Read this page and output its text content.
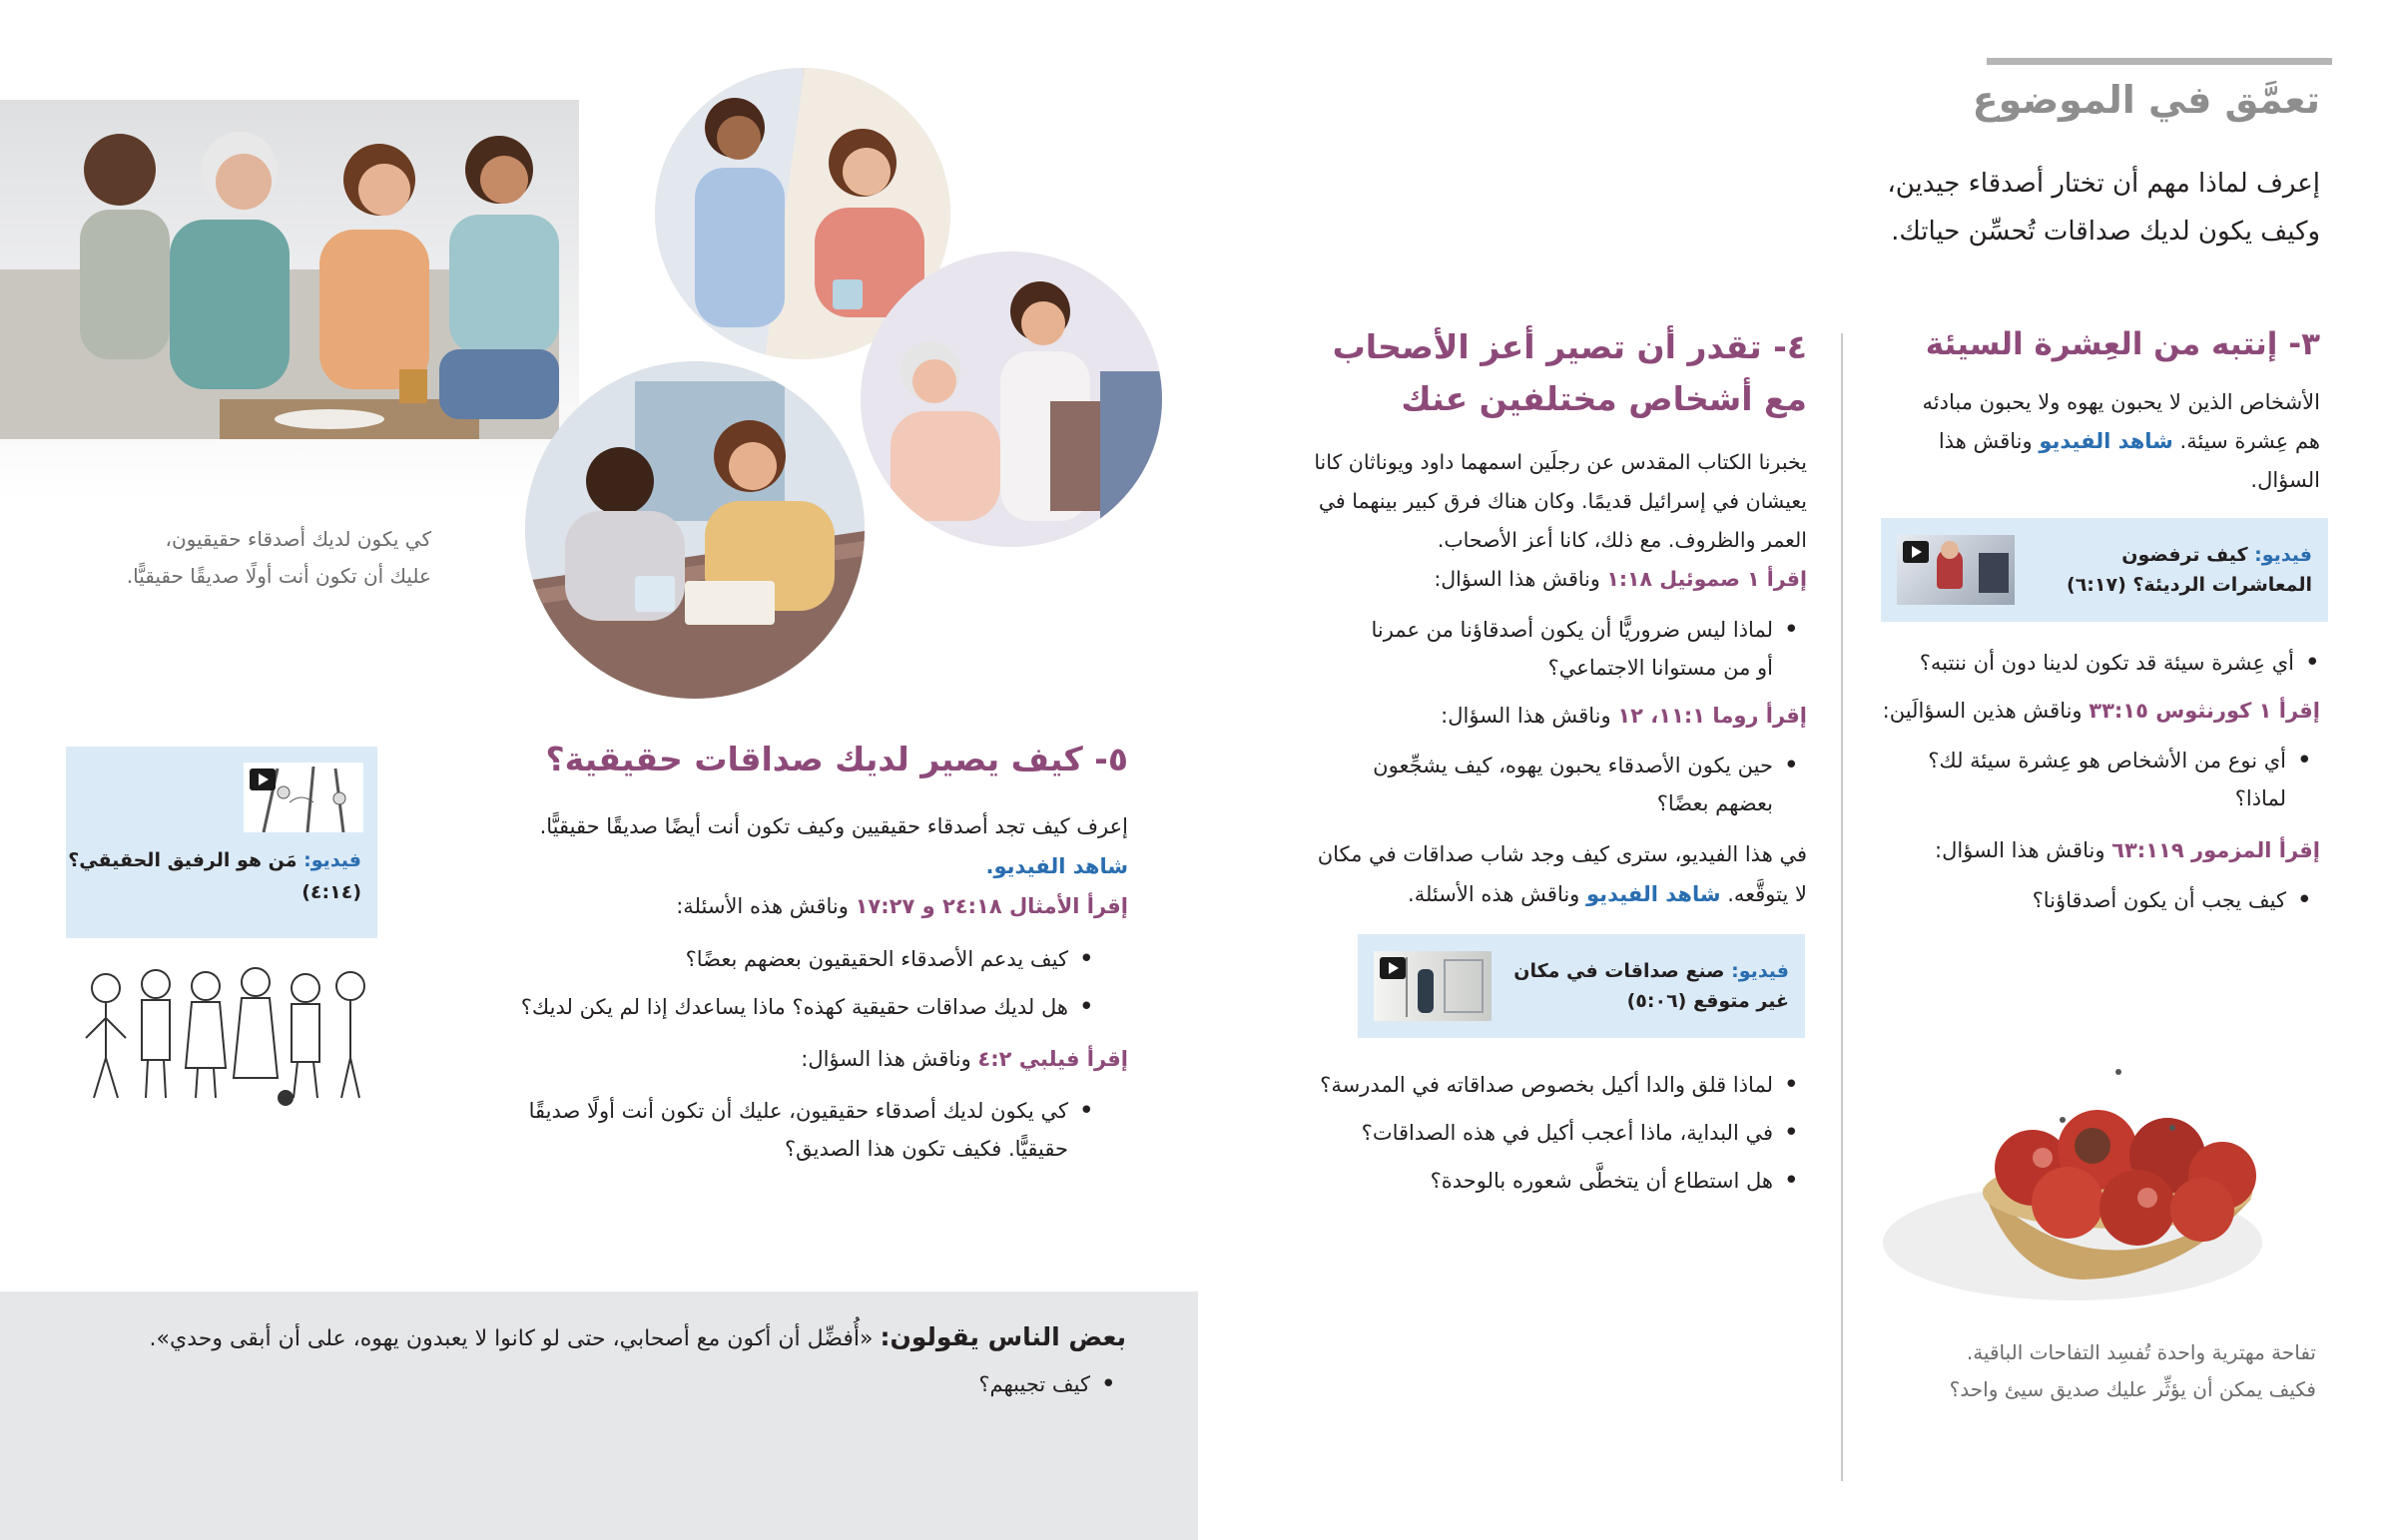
تعمَّق في الموضوع
إعرف لماذا مهم أن تختار أصدقاء جيدين،
وكيف يكون لديك صداقات تُحسِّن حياتك.
٣- إنتبه من العِشرة السيئة
الأشخاص الذين لا يحبون يهوه ولا يحبون مبادئه
هم عِشرة سيئة. شاهد الفيديو وناقش هذا
السؤال.
فيديو: كيف ترفضون
المعاشرات الرديئة؟ (٦:١٧)
• أي عِشرة سيئة قد تكون لدينا دون أن ننتبه؟
إقرأ ١ كورنثوس ٣٣:١٥ وناقش هذين السؤالَين:
• أي نوع من الأشخاص هو عِشرة سيئة لك؟
لماذا؟
إقرأ المزمور ٦٣:١١٩ وناقش هذا السؤال:
• كيف يجب أن يكون أصدقاؤنا؟
تفاحة مهترية واحدة تُفسِد التفاحات الباقية.
فكيف يمكن أن يؤثِّر عليك صديق سيئ واحد؟
٤- تقدر أن تصير أعز الأصحاب
مع أشخاص مختلفين عنك
يخبرنا الكتاب المقدس عن رجلَين اسمهما داود ويوناثان كانا
يعيشان في إسرائيل قديمًا. وكان هناك فرق كبير بينهما في
العمر والظروف. مع ذلك، كانا أعز الأصحاب.
إقرأ ١ صموئيل ١:١٨ وناقش هذا السؤال:
• لماذا ليس ضروريًّا أن يكون أصدقاؤنا من عمرنا
أو من مستوانا الاجتماعي؟
إقرأ روما ١١:١، ١٢ وناقش هذا السؤال:
• حين يكون الأصدقاء يحبون يهوه، كيف يشجِّعون
بعضهم بعضًا؟
في هذا الفيديو، سترى كيف وجد شاب صداقات في مكان
لا يتوقَّعه. شاهد الفيديو وناقش هذه الأسئلة.
فيديو: صنع صداقات في مكان
غير متوقع (٥:٠٦)
• لماذا قلق والدا أكيل بخصوص صداقاته في المدرسة؟
• في البداية، ماذا أعجب أكيل في هذه الصداقات؟
• هل استطاع أن يتخطَّى شعوره بالوحدة؟
كي يكون لديك أصدقاء حقيقيون،
عليك أن تكون أنت أولًا صديقًا حقيقيًّا.
٥- كيف يصير لديك صداقات حقيقية؟
إعرف كيف تجد أصدقاء حقيقيين وكيف تكون أنت أيضًا صديقًا حقيقيًّا.
شاهد الفيديو.
إقرأ الأمثال ٢٤:١٨ و ١٧:٢٧ وناقش هذه الأسئلة:
• كيف يدعم الأصدقاء الحقيقيون بعضهم بعضًا؟
• هل لديك صداقات حقيقية كهذه؟ ماذا يساعدك إذا لم يكن لديك؟
إقرأ فيلبي ٤:٢ وناقش هذا السؤال:
• كي يكون لديك أصدقاء حقيقيون، عليك أن تكون أنت أولًا صديقًا
حقيقيًّا. فكيف تكون هذا الصديق؟
فيديو: مَن هو الرفيق الحقيقي؟
(٤:١٤)
بعض الناس يقولون: «أُفضِّل أن أكون مع أصحابي، حتى لو كانوا لا يعبدون يهوه، على أن أبقى وحدي».
• كيف تجيبهم؟
